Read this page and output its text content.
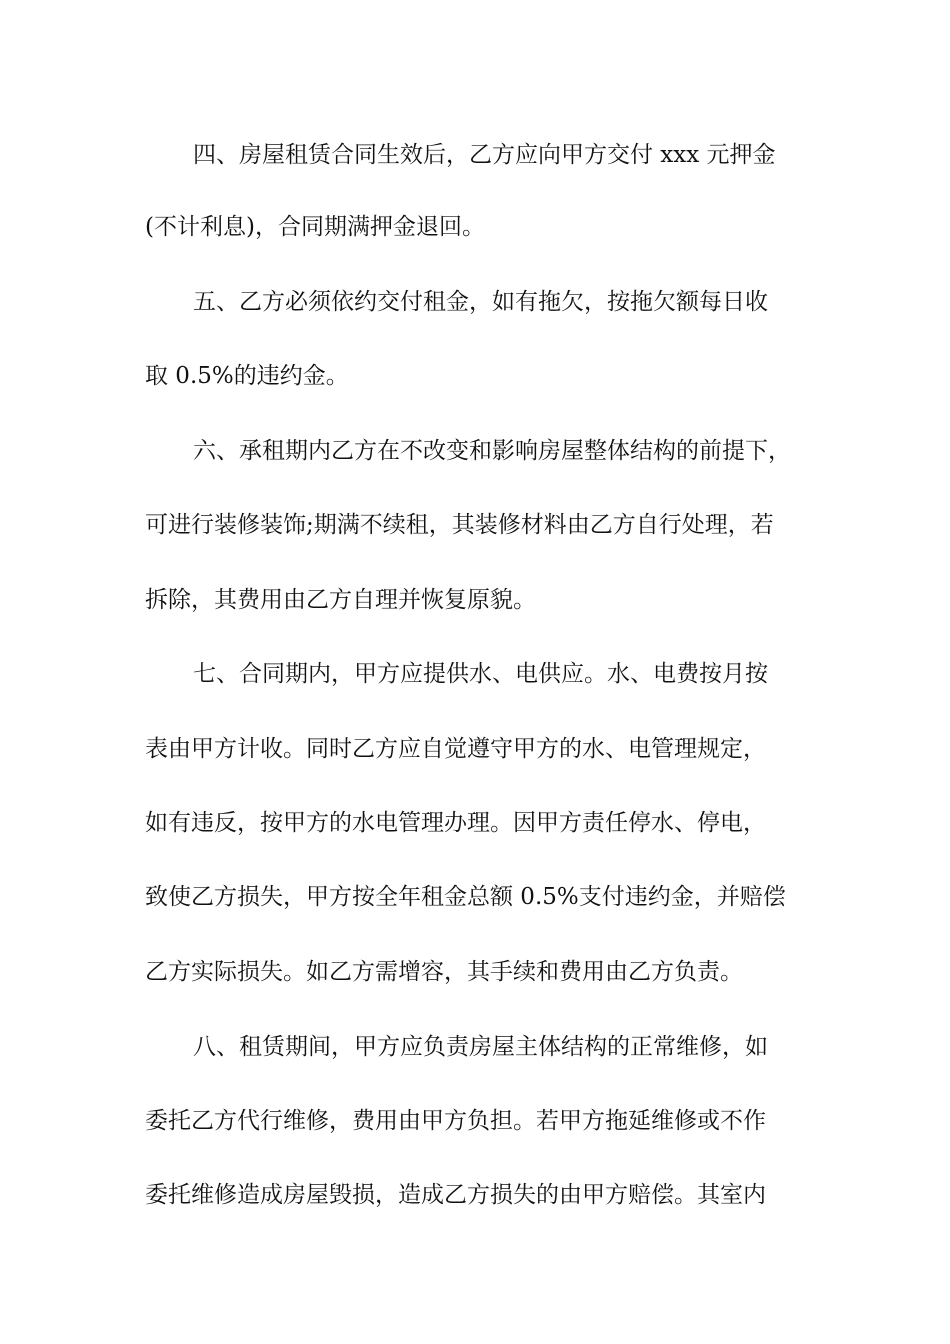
四、房屋租赁合同生效后，乙方应向甲方交付 xxx 元押金
(不计利息)，合同期满押金退回。
五、乙方必须依约交付租金，如有拖欠，按拖欠额每日收
取 0.5%的违约金。
六、承租期内乙方在不改变和影响房屋整体结构的前提下，
可进行装修装饰;期满不续租，其装修材料由乙方自行处理，若
拆除，其费用由乙方自理并恢复原貌。
七、合同期内，甲方应提供水、电供应。水、电费按月按
表由甲方计收。同时乙方应自觉遵守甲方的水、电管理规定，
如有违反，按甲方的水电管理办理。因甲方责任停水、停电，
致使乙方损失，甲方按全年租金总额 0.5%支付违约金，并赔偿
乙方实际损失。如乙方需增容，其手续和费用由乙方负责。
八、租赁期间，甲方应负责房屋主体结构的正常维修，如
委托乙方代行维修，费用由甲方负担。若甲方拖延维修或不作
委托维修造成房屋毁损，造成乙方损失的由甲方赔偿。其室内
